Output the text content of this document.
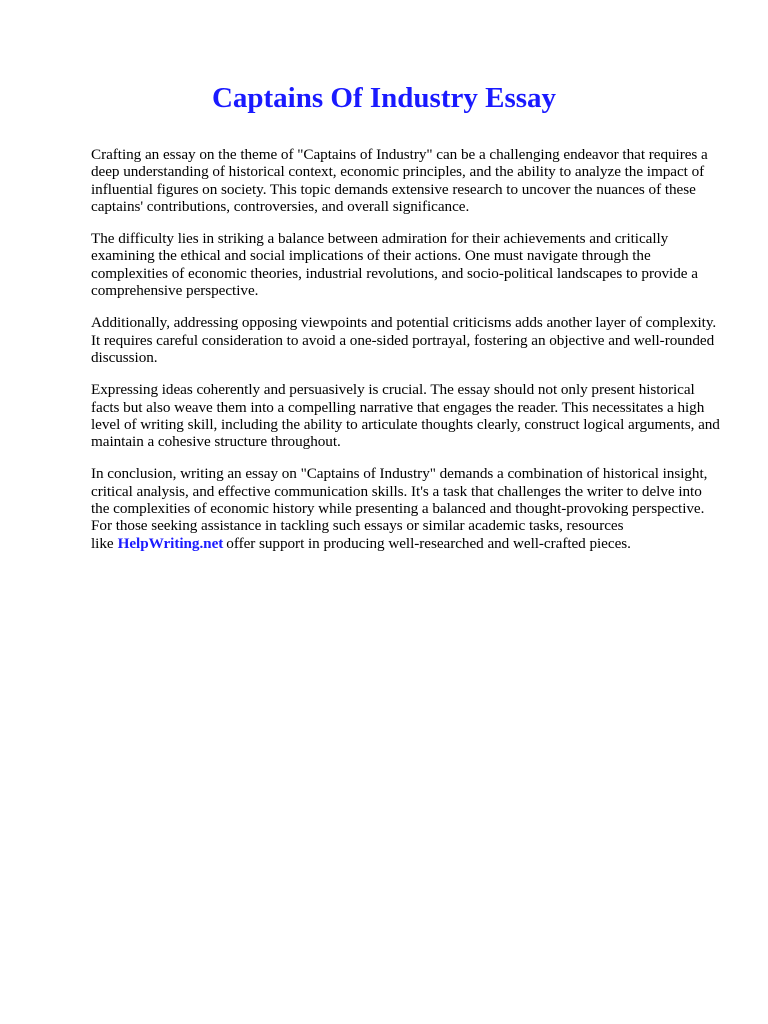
Captains Of Industry Essay

Crafting an essay on the theme of "Captains of Industry" can be a challenging endeavor that requires a deep understanding of historical context, economic principles, and the ability to analyze the impact of influential figures on society. This topic demands extensive research to uncover the nuances of these captains' contributions, controversies, and overall significance.

The difficulty lies in striking a balance between admiration for their achievements and critically examining the ethical and social implications of their actions. One must navigate through the complexities of economic theories, industrial revolutions, and socio-political landscapes to provide a comprehensive perspective.

Additionally, addressing opposing viewpoints and potential criticisms adds another layer of complexity. It requires careful consideration to avoid a one-sided portrayal, fostering an objective and well-rounded discussion.

Expressing ideas coherently and persuasively is crucial. The essay should not only present historical facts but also weave them into a compelling narrative that engages the reader. This necessitates a high level of writing skill, including the ability to articulate thoughts clearly, construct logical arguments, and maintain a cohesive structure throughout.

In conclusion, writing an essay on "Captains of Industry" demands a combination of historical insight, critical analysis, and effective communication skills. It's a task that challenges the writer to delve into the complexities of economic history while presenting a balanced and thought-provoking perspective. For those seeking assistance in tackling such essays or similar academic tasks, resources like HelpWriting.net offer support in producing well-researched and well-crafted pieces.
